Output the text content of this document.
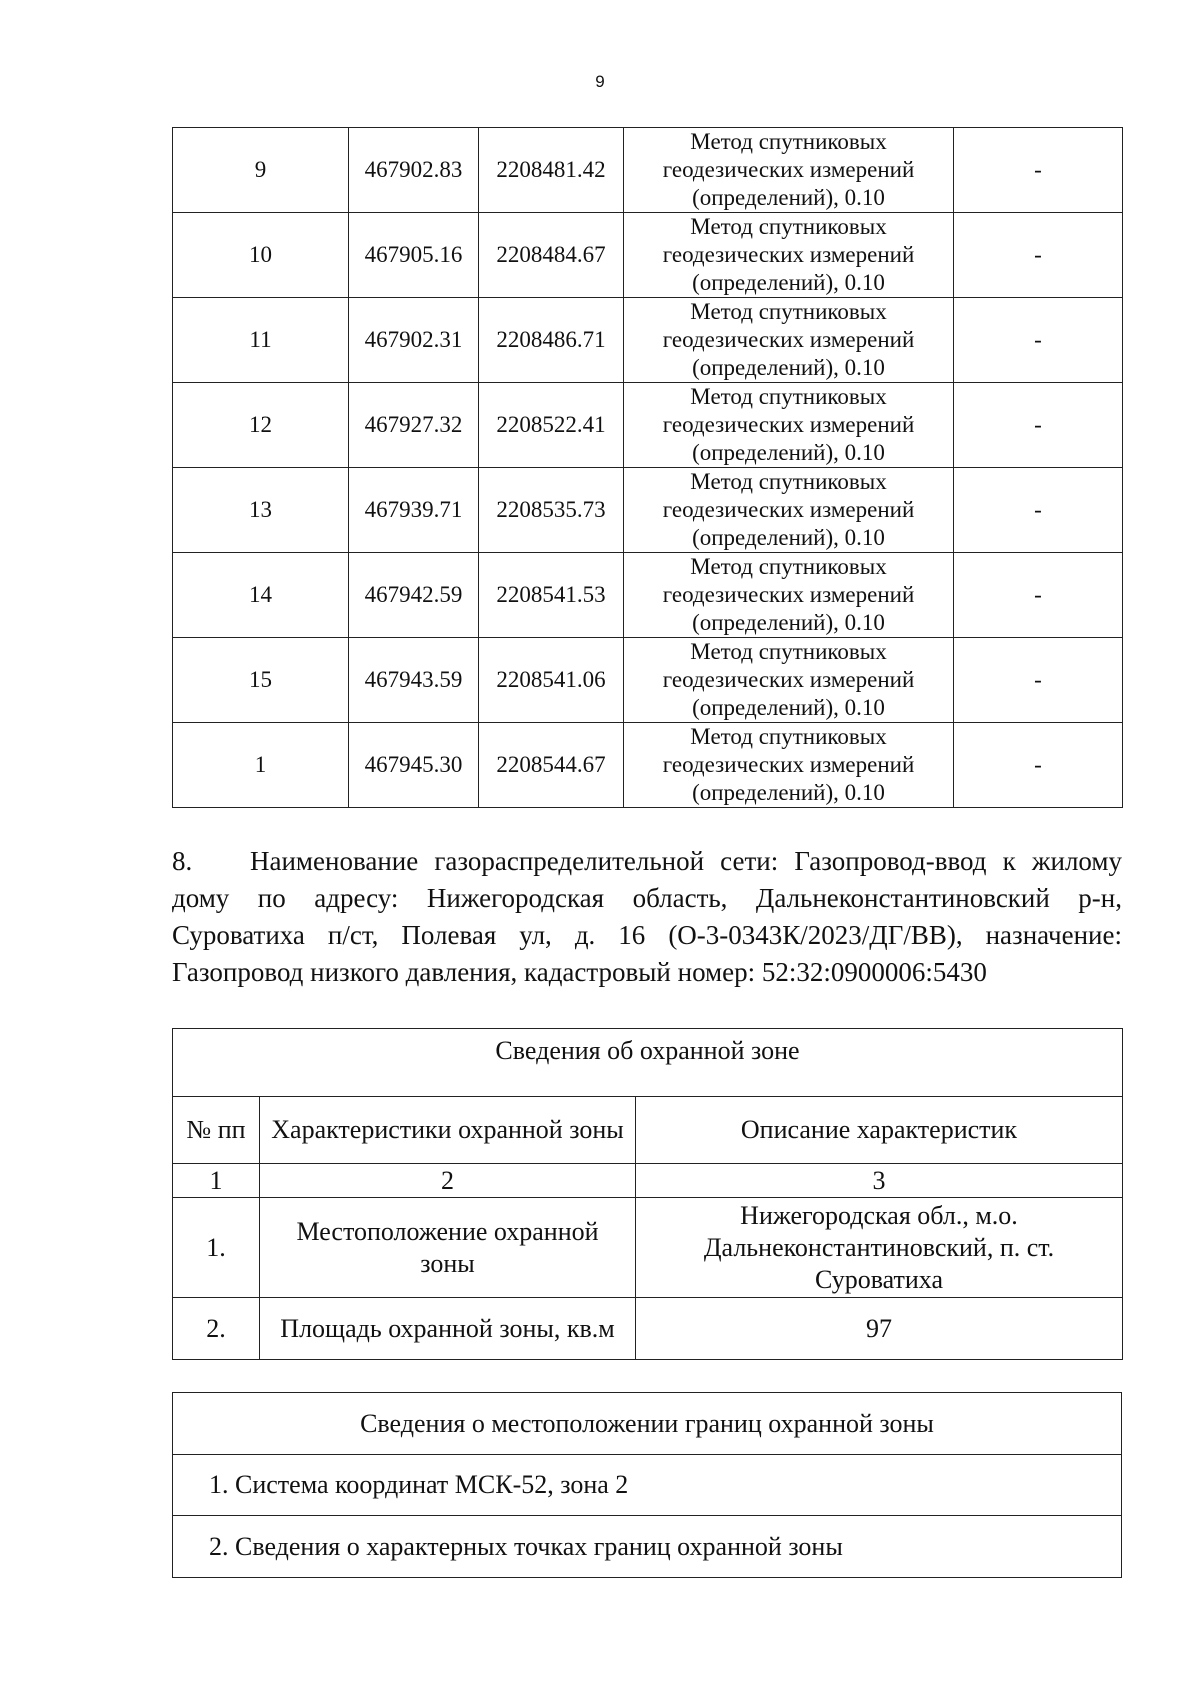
9
9	467902.83	2208481.42	Метод спутниковых
геодезических измерений
(определений), 0.10	-
10	467905.16	2208484.67	Метод спутниковых
геодезических измерений
(определений), 0.10	-
11	467902.31	2208486.71	Метод спутниковых
геодезических измерений
(определений), 0.10	-
12	467927.32	2208522.41	Метод спутниковых
геодезических измерений
(определений), 0.10	-
13	467939.71	2208535.73	Метод спутниковых
геодезических измерений
(определений), 0.10	-
14	467942.59	2208541.53	Метод спутниковых
геодезических измерений
(определений), 0.10	-
15	467943.59	2208541.06	Метод спутниковых
геодезических измерений
(определений), 0.10	-
1	467945.30	2208544.67	Метод спутниковых
геодезических измерений
(определений), 0.10	-
8. Наименование газораспределительной сети: Газопровод-ввод к жилому дому по адресу: Нижегородская область, Дальнеконстантиновский р-н, Суроватиха п/ст, Полевая ул, д. 16 (О-3-0343К/2023/ДГ/ВВ), назначение: Газопровод низкого давления, кадастровый номер: 52:32:0900006:5430
Сведения об охранной зоне		
№ пп	Характеристики охранной зоны	Описание характеристик
1	2	3
1.	Местоположение охранной зоны	Нижегородская обл., м.о. Дальнеконстантиновский, п. ст. Суроватиха
2.	Площадь охранной зоны, кв.м	97
Сведения о местоположении границ охранной зоны
1. Система координат МСК-52, зона 2
2. Сведения о характерных точках границ охранной зоны
